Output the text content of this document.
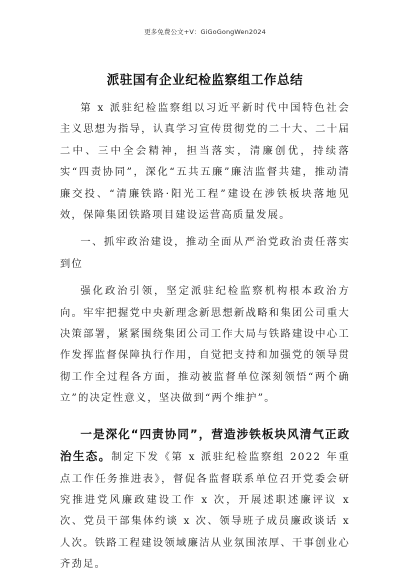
更多免费公文+V：GiGoGongWen2024
派驻国有企业纪检监察组工作总结

第 x 派驻纪检监察组以习近平新时代中国特色社会主义思想为指导，认真学习宣传贯彻党的二十大、二十届二中、三中全会精神，担当落实，清廉创优，持续落实“四责协同”，深化“五共五廉”廉洁监督共建，推动清廉交投、“清廉铁路·阳光工程”建设在涉铁板块落地见效，保障集团铁路项目建设运营高质量发展。

一、抓牢政治建设，推动全面从严治党政治责任落实到位

强化政治引领，坚定派驻纪检监察机构根本政治方向。牢牢把握党中央新理念新思想新战略和集团公司重大决策部署，紧紧围绕集团公司工作大局与铁路建设中心工作发挥监督保障执行作用，自觉把支持和加强党的领导贯彻工作全过程各方面，推动被监督单位深刻领悟“两个确立”的决定性意义，坚决做到“两个维护”。

一是深化“四责协同”，营造涉铁板块风清气正政治生态。制定下发《第 x 派驻纪检监察组 2022 年重点工作任务推进表》，督促各监督联系单位召开党委会研究推进党风廉政建设工作 x 次，开展述职述廉评议 x 次、党员干部集体约谈 x 次、领导班子成员廉政谈话 x 人次。铁路工程建设领域廉洁从业氛围浓厚、干事创业心齐劲足。
